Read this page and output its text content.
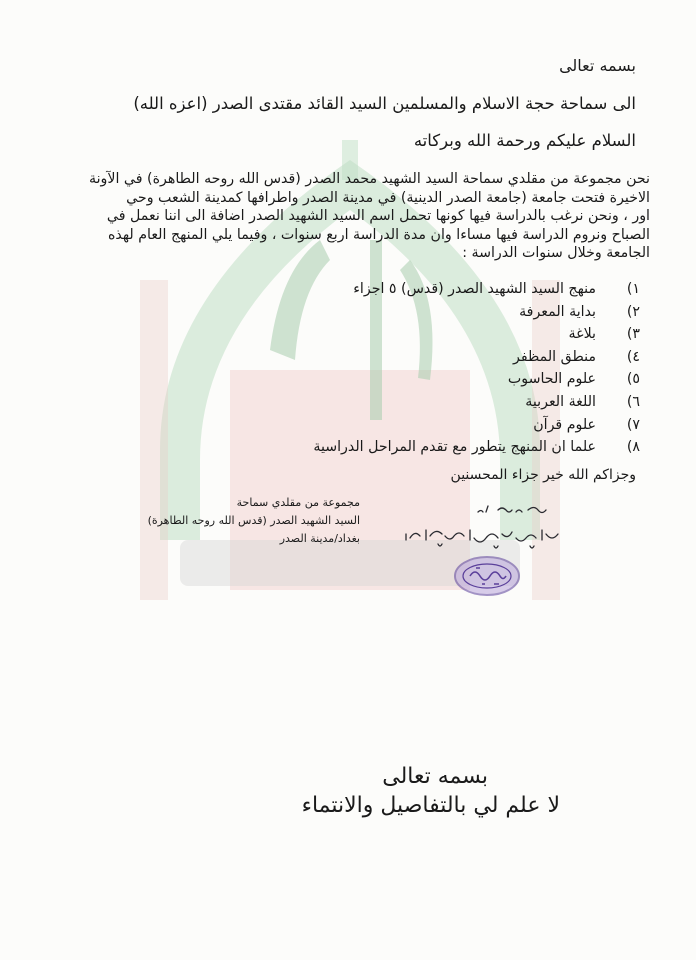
بسمه تعالى
الى سماحة حجة الاسلام والمسلمين السيد القائد مقتدى الصدر (اعزه الله)
السلام عليكم ورحمة الله وبركاته
نحن مجموعة من مقلدي سماحة السيد الشهيد محمد الصدر (قدس الله روحه الطاهرة) في الآونة
الاخيرة فتحت جامعة (جامعة الصدر الدينية) في مدينة الصدر واطرافها كمدينة الشعب وحي
اور ، ونحن نرغب بالدراسة فيها كونها تحمل اسم السيد الشهيد الصدر اضافة الى اننا نعمل في
الصباح ونروم الدراسة فيها مساءا وان مدة الدراسة اربع سنوات ، وفيما يلي المنهج العام لهذه
الجامعة وخلال سنوات الدراسة :
١)
منهج السيد الشهيد الصدر (قدس) ٥ اجزاء
٢)
بداية المعرفة
٣)
بلاغة
٤)
منطق المظفر
٥)
علوم الحاسوب
٦)
اللغة العربية
٧)
علوم قرآن
٨)
علما ان المنهج يتطور مع تقدم المراحل الدراسية
وجزاكم الله خير جزاء المحسنين
مجموعة من مقلدي سماحة
السيد الشهيد الصدر (قدس الله روحه الطاهرة)
بغداد/مدينة الصدر
بسمه تعالى
لا علم لي بالتفاصيل والانتماء
